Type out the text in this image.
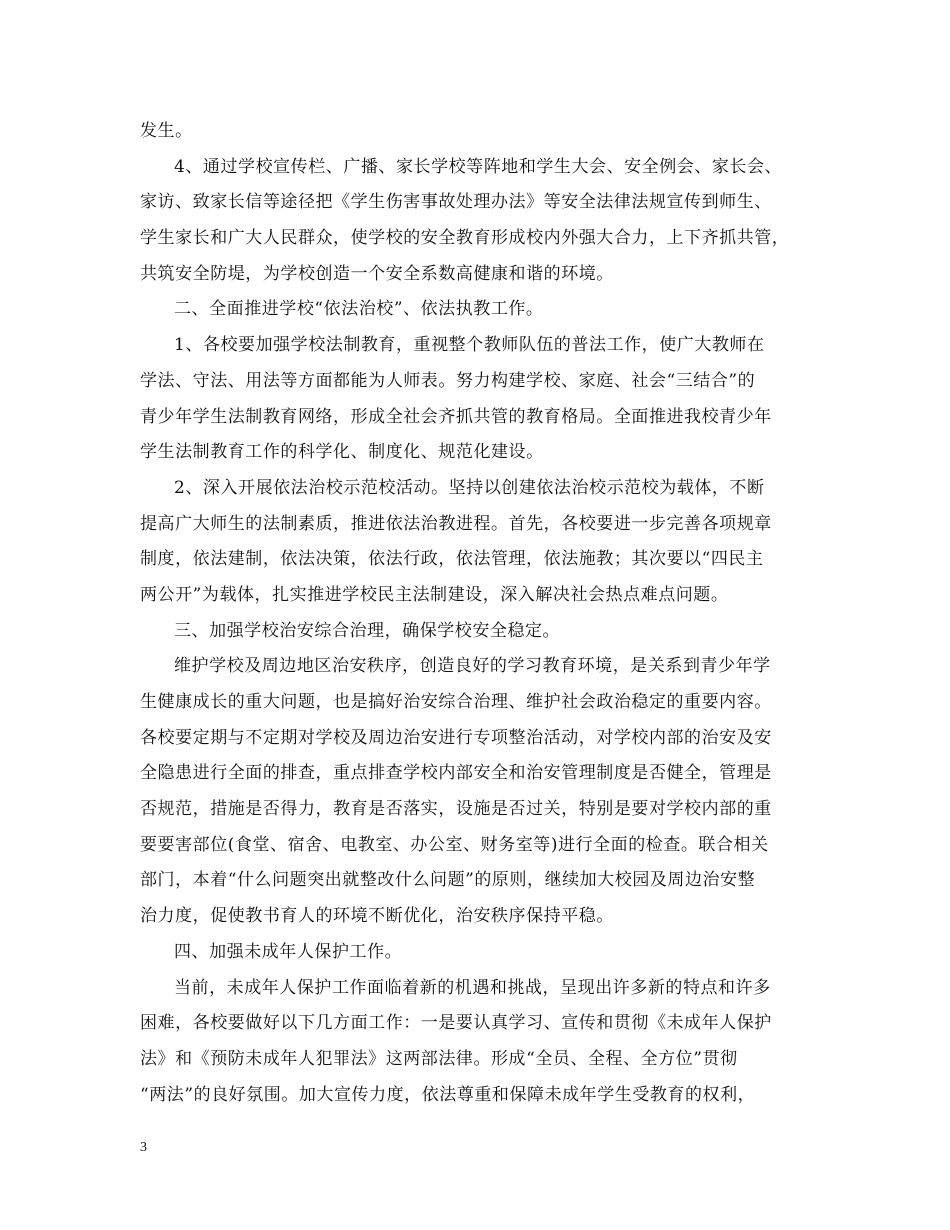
发生。
4、通过学校宣传栏、广播、家长学校等阵地和学生大会、安全例会、家长会、
家访、致家长信等途径把《学生伤害事故处理办法》等安全法律法规宣传到师生、
学生家长和广大人民群众，使学校的安全教育形成校内外强大合力，上下齐抓共管，
共筑安全防堤，为学校创造一个安全系数高健康和谐的环境。
二、全面推进学校“依法治校”、依法执教工作。
1、各校要加强学校法制教育，重视整个教师队伍的普法工作，使广大教师在
学法、守法、用法等方面都能为人师表。努力构建学校、家庭、社会“三结合”的
青少年学生法制教育网络，形成全社会齐抓共管的教育格局。全面推进我校青少年
学生法制教育工作的科学化、制度化、规范化建设。
2、深入开展依法治校示范校活动。坚持以创建依法治校示范校为载体，不断
提高广大师生的法制素质，推进依法治教进程。首先，各校要进一步完善各项规章
制度，依法建制，依法决策，依法行政，依法管理，依法施教；其次要以“四民主
两公开”为载体，扎实推进学校民主法制建设，深入解决社会热点难点问题。
三、加强学校治安综合治理，确保学校安全稳定。
维护学校及周边地区治安秩序，创造良好的学习教育环境，是关系到青少年学
生健康成长的重大问题，也是搞好治安综合治理、维护社会政治稳定的重要内容。
各校要定期与不定期对学校及周边治安进行专项整治活动，对学校内部的治安及安
全隐患进行全面的排查，重点排查学校内部安全和治安管理制度是否健全，管理是
否规范，措施是否得力，教育是否落实，设施是否过关，特别是要对学校内部的重
要要害部位(食堂、宿舍、电教室、办公室、财务室等)进行全面的检查。联合相关
部门，本着“什么问题突出就整改什么问题”的原则，继续加大校园及周边治安整
治力度，促使教书育人的环境不断优化，治安秩序保持平稳。
四、加强未成年人保护工作。
当前，未成年人保护工作面临着新的机遇和挑战，呈现出许多新的特点和许多
困难，各校要做好以下几方面工作：一是要认真学习、宣传和贯彻《未成年人保护
法》和《预防未成年人犯罪法》这两部法律。形成“全员、全程、全方位”贯彻
“两法”的良好氛围。加大宣传力度，依法尊重和保障未成年学生受教育的权利，
3
